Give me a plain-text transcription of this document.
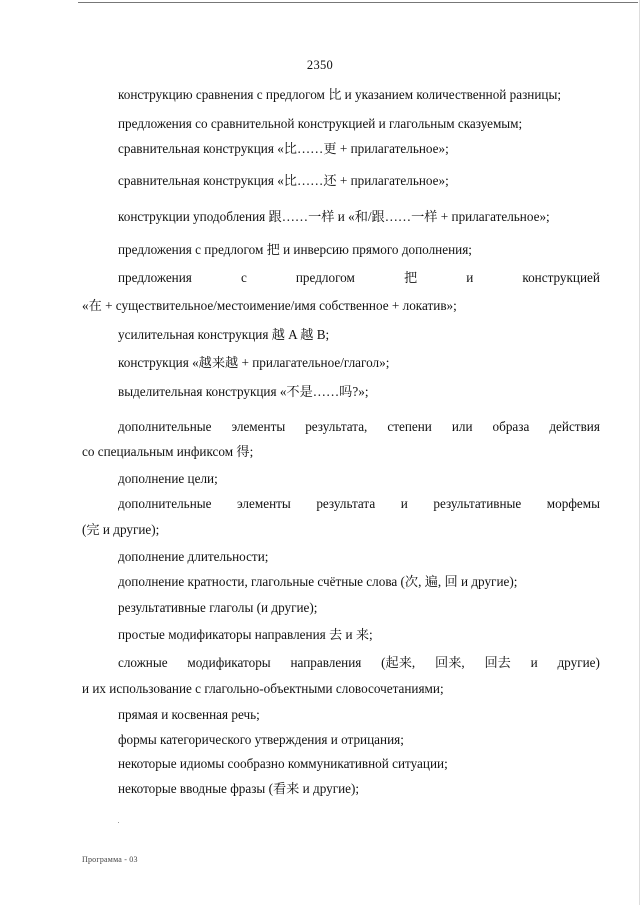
2350
конструкцию сравнения с предлогом 比 и указанием количественной разницы;
предложения со сравнительной конструкцией и глагольным сказуемым;
сравнительная конструкция «比……更 + прилагательное»;
сравнительная конструкция «比……还 + прилагательное»;
конструкции уподобления 跟……一样 и «和/跟……一样 + прилагательное»;
предложения с предлогом 把 и инверсию прямого дополнения;
предложения	с	предлогом	把	и	конструкцией
«在 + существительное/местоимение/имя собственное + локатив»;
усилительная конструкция 越 A 越 B;
конструкция «越来越 + прилагательное/глагол»;
выделительная конструкция «不是……吗?»;
дополнительные элементы результата, степени или образа действия
со специальным инфиксом 得;
дополнение цели;
дополнительные элементы результата и результативные морфемы
(完 и другие);
дополнение длительности;
дополнение кратности, глагольные счётные слова (次, 遍, 回 и другие);
результативные глаголы (и другие);
простые модификаторы направления 去 и 来;
сложные модификаторы направления (起来, 回来, 回去 и другие)
и их использование с глагольно-объектными словосочетаниями;
прямая и косвенная речь;
формы категорического утверждения и отрицания;
некоторые идиомы сообразно коммуникативной ситуации;
некоторые вводные фразы (看来 и другие);
Программа - 03
